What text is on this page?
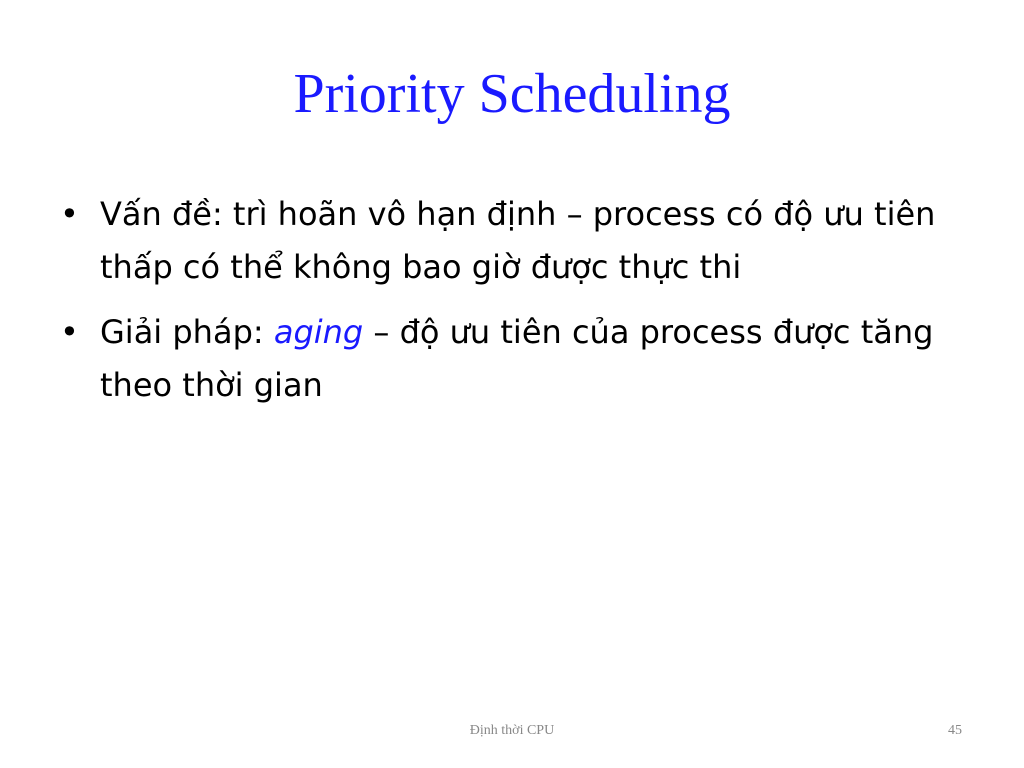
Priority Scheduling
• Vấn đề: trì hoãn vô hạn định – process có độ ưu tiên thấp có thể không bao giờ được thực thi
• Giải pháp: aging – độ ưu tiên của process được tăng theo thời gian
Định thời CPU	45
